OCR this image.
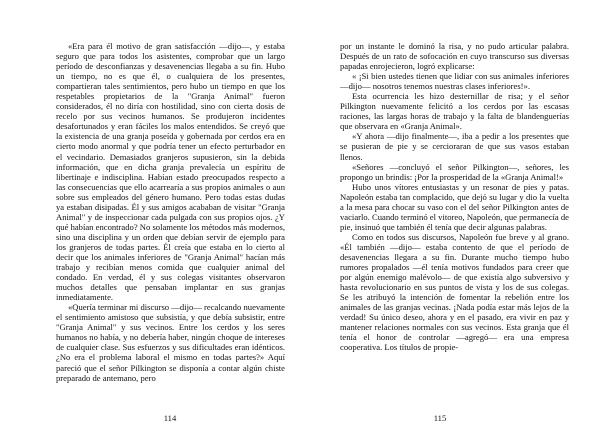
«Era para él motivo de gran satisfacción —dijo—, y estaba seguro que para todos los asistentes, comprobar que un largo período de desconfianzas y desavenencias llegaba a su fin. Hubo un tiempo, no es que él, o cualquiera de los presentes, compartieran tales sentimientos, pero hubo un tiempo en que los respetables propietarios de la "Granja Animal" fueron considerados, él no diría con hostilidad, sino con cierta dosis de recelo por sus vecinos humanos. Se produjeron incidentes desafortunados y eran fáciles los malos entendidos. Se creyó que la existencia de una granja poseída y gobernada por cerdos era en cierto modo anormal y que podría tener un efecto perturbador en el vecindario. Demasiados granjeros supusieron, sin la debida información, que en dicha granja prevalecía un espíritu de libertinaje e indisciplina. Habían estado preocupados respecto a las consecuencias que ello acarrearía a sus propios animales o aun sobre sus empleados del género humano. Pero todas estas dudas ya estaban disipadas. Él y sus amigos acababan de visitar "Granja Animal" y de inspeccionar cada pulgada con sus propios ojos. ¿Y qué habían encontrado? No solamente los métodos más modernos, sino una disciplina y un orden que debían servir de ejemplo para los granjeros de todas partes. Él creía que estaba en lo cierto al decir que los animales inferiores de "Granja Animal" hacían más trabajo y recibían menos comida que cualquier animal del condado. En verdad, él y sus colegas visitantes observaron muchos detalles que pensaban implantar en sus granjas inmediatamente.

«Quería terminar mi discurso —dijo— recalcando nuevamente el sentimiento amistoso que subsistía, y que debía subsistir, entre "Granja Animal" y sus vecinos. Entre los cerdos y los seres humanos no había, y no debería haber, ningún choque de intereses de cualquier clase. Sus esfuerzos y sus dificultades eran idénticos. ¿No era el problema laboral el mismo en todas partes?» Aquí pareció que el señor Pilkington se disponía a contar algún chiste preparado de antemano, pero

114

por un instante le dominó la risa, y no pudo articular palabra. Después de un rato de sofocación en cuyo transcurso sus diversas papadas enrojecieron, logró explicarse:

« ¡Si bien ustedes tienen que lidiar con sus animales inferiores —dijo— nosotros tenemos nuestras clases inferiores!».

Esta ocurrencia les hizo desternillar de risa; y el señor Pilkington nuevamente felicitó a los cerdos por las escasas raciones, las largas horas de trabajo y la falta de blandenguerías que observara en «Granja Animal».

«Y ahora —dijo finalmente—, iba a pedir a los presentes que se pusieran de pie y se cercioraran de que sus vasos estaban llenos.

«Señores —concluyó el señor Pilkington—, señores, les propongo un brindis: ¡Por la prosperidad de la «Granja Animal!»

Hubo unos vítores entusiastas y un resonar de pies y patas. Napoleón estaba tan complacido, que dejó su lugar y dio la vuelta a la mesa para chocar su vaso con el del señor Pilkington antes de vaciarlo. Cuando terminó el vitoreo, Napoleón, que permanecía de pie, insinuó que también él tenía que decir algunas palabras.

Como en todos sus discursos, Napoleón fue breve y al grano. «Él también —dijo— estaba contento de que el período de desavenencias llegara a su fin. Durante mucho tiempo hubo rumores propalados —él tenía motivos fundados para creer que por algún enemigo malévolo— de que existía algo subversivo y hasta revolucionario en sus puntos de vista y los de sus colegas. Se les atribuyó la intención de fomentar la rebelión entre los animales de las granjas vecinas. ¡Nada podía estar más lejos de la verdad! Su único deseo, ahora y en el pasado, era vivir en paz y mantener relaciones normales con sus vecinos. Esta granja que él tenía el honor de controlar —agregó— era una empresa cooperativa. Los títulos de propie-

115
